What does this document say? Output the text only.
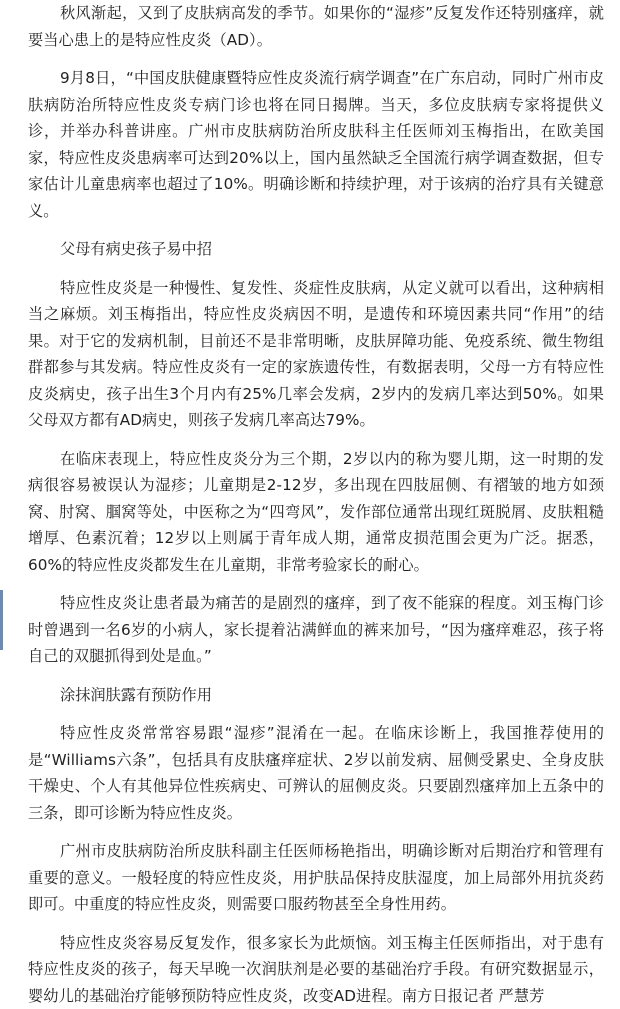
秋风渐起，又到了皮肤病高发的季节。如果你的“湿疹”反复发作还特别瘙痒，就要当心患上的是特应性皮炎（AD）。

9月8日，“中国皮肤健康暨特应性皮炎流行病学调查”在广东启动，同时广州市皮肤病防治所特应性皮炎专病门诊也将在同日揭牌。当天，多位皮肤病专家将提供义诊，并举办科普讲座。广州市皮肤病防治所皮肤科主任医师刘玉梅指出，在欧美国家，特应性皮炎患病率可达到20%以上，国内虽然缺乏全国流行病学调查数据，但专家估计儿童患病率也超过了10%。明确诊断和持续护理，对于该病的治疗具有关键意义。

父母有病史孩子易中招

特应性皮炎是一种慢性、复发性、炎症性皮肤病，从定义就可以看出，这种病相当之麻烦。刘玉梅指出，特应性皮炎病因不明，是遗传和环境因素共同“作用”的结果。对于它的发病机制，目前还不是非常明晰，皮肤屏障功能、免疫系统、微生物组群都参与其发病。特应性皮炎有一定的家族遗传性，有数据表明，父母一方有特应性皮炎病史，孩子出生3个月内有25%几率会发病，2岁内的发病几率达到50%。如果父母双方都有AD病史，则孩子发病几率高达79%。

在临床表现上，特应性皮炎分为三个期，2岁以内的称为婴儿期，这一时期的发病很容易被误认为湿疹；儿童期是2-12岁，多出现在四肢屈侧、有褶皱的地方如颈窝、肘窝、腘窝等处，中医称之为“四弯风”，发作部位通常出现红斑脱屑、皮肤粗糙增厚、色素沉着；12岁以上则属于青年成人期，通常皮损范围会更为广泛。据悉，60%的特应性皮炎都发生在儿童期，非常考验家长的耐心。

特应性皮炎让患者最为痛苦的是剧烈的瘙痒，到了夜不能寐的程度。刘玉梅门诊时曾遇到一名6岁的小病人，家长提着沾满鲜血的裤来加号，“因为瘙痒难忍，孩子将自己的双腿抓得到处是血。”

涂抹润肤露有预防作用

特应性皮炎常常容易跟“湿疹”混淆在一起。在临床诊断上，我国推荐使用的是“Williams六条”，包括具有皮肤瘙痒症状、2岁以前发病、屈侧受累史、全身皮肤干燥史、个人有其他异位性疾病史、可辨认的屈侧皮炎。只要剧烈瘙痒加上五条中的三条，即可诊断为特应性皮炎。

广州市皮肤病防治所皮肤科副主任医师杨艳指出，明确诊断对后期治疗和管理有重要的意义。一般轻度的特应性皮炎，用护肤品保持皮肤湿度，加上局部外用抗炎药即可。中重度的特应性皮炎，则需要口服药物甚至全身性用药。

特应性皮炎容易反复发作，很多家长为此烦恼。刘玉梅主任医师指出，对于患有特应性皮炎的孩子，每天早晚一次润肤剂是必要的基础治疗手段。有研究数据显示，婴幼儿的基础治疗能够预防特应性皮炎，改变AD进程。南方日报记者 严慧芳
